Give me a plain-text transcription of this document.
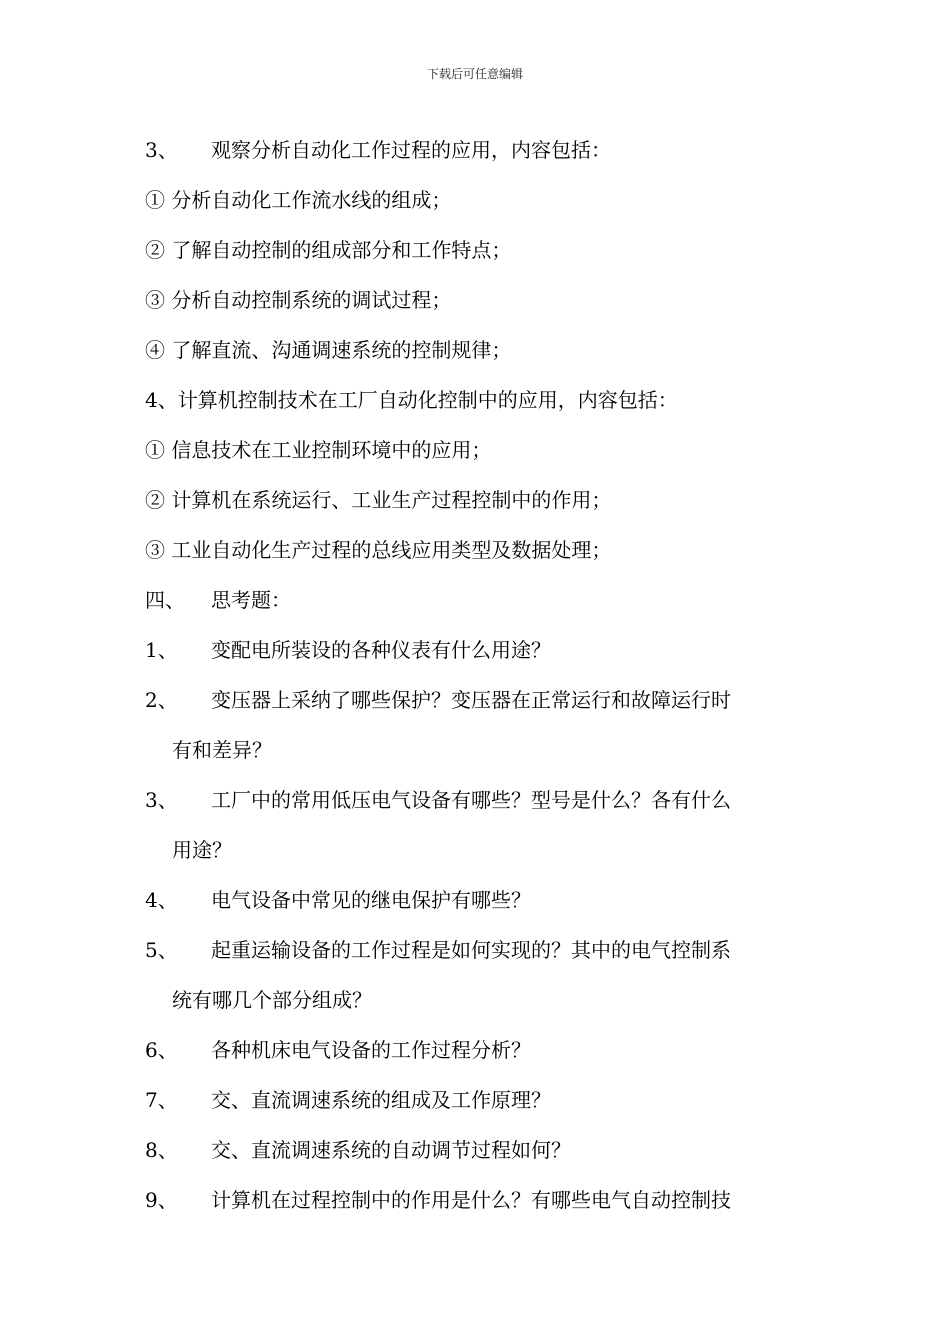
下载后可任意编辑
3、 观察分析自动化工作过程的应用，内容包括：
① 分析自动化工作流水线的组成；
② 了解自动控制的组成部分和工作特点；
③ 分析自动控制系统的调试过程；
④ 了解直流、沟通调速系统的控制规律；
4、计算机控制技术在工厂自动化控制中的应用，内容包括：
① 信息技术在工业控制环境中的应用；
② 计算机在系统运行、工业生产过程控制中的作用；
③ 工业自动化生产过程的总线应用类型及数据处理；
四、 思考题：
1、 变配电所装设的各种仪表有什么用途？
2、 变压器上采纳了哪些保护？变压器在正常运行和故障运行时
有和差异？
3、 工厂中的常用低压电气设备有哪些？型号是什么？各有什么
用途？
4、 电气设备中常见的继电保护有哪些？
5、 起重运输设备的工作过程是如何实现的？其中的电气控制系
统有哪几个部分组成？
6、 各种机床电气设备的工作过程分析？
7、 交、直流调速系统的组成及工作原理？
8、 交、直流调速系统的自动调节过程如何？
9、 计算机在过程控制中的作用是什么？有哪些电气自动控制技
